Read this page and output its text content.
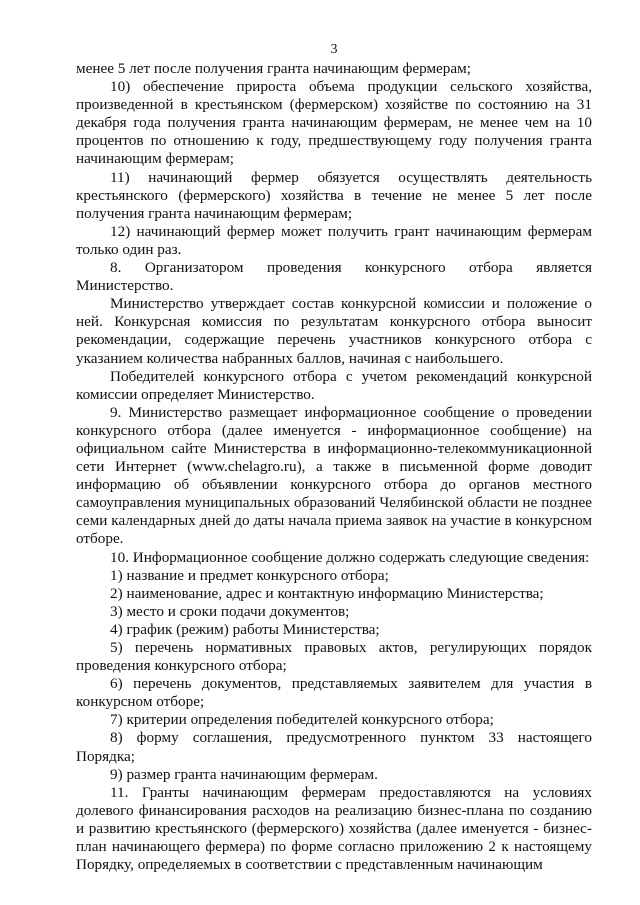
3

менее 5 лет после получения гранта начинающим фермерам;

10) обеспечение прироста объема продукции сельского хозяйства, произведенной в крестьянском (фермерском) хозяйстве по состоянию на 31 декабря года получения гранта начинающим фермерам, не менее чем на 10 процентов по отношению к году, предшествующему году получения гранта начинающим фермерам;

11) начинающий фермер обязуется осуществлять деятельность крестьянского (фермерского) хозяйства в течение не менее 5 лет после получения гранта начинающим фермерам;

12) начинающий фермер может получить грант начинающим фермерам только один раз.

8. Организатором проведения конкурсного отбора является Министерство.

Министерство утверждает состав конкурсной комиссии и положение о ней. Конкурсная комиссия по результатам конкурсного отбора выносит рекомендации, содержащие перечень участников конкурсного отбора с указанием количества набранных баллов, начиная с наибольшего.

Победителей конкурсного отбора с учетом рекомендаций конкурсной комиссии определяет Министерство.

9. Министерство размещает информационное сообщение о проведении конкурсного отбора (далее именуется - информационное сообщение) на официальном сайте Министерства в информационно-телекоммуникационной сети Интернет (www.chelagro.ru), а также в письменной форме доводит информацию об объявлении конкурсного отбора до органов местного самоуправления муниципальных образований Челябинской области не позднее семи календарных дней до даты начала приема заявок на участие в конкурсном отборе.

10. Информационное сообщение должно содержать следующие сведения:

1) название и предмет конкурсного отбора;

2) наименование, адрес и контактную информацию Министерства;

3) место и сроки подачи документов;

4) график (режим) работы Министерства;

5) перечень нормативных правовых актов, регулирующих порядок проведения конкурсного отбора;

6) перечень документов, представляемых заявителем для участия в конкурсном отборе;

7) критерии определения победителей конкурсного отбора;

8) форму соглашения, предусмотренного пунктом 33 настоящего Порядка;

9) размер гранта начинающим фермерам.

11. Гранты начинающим фермерам предоставляются на условиях долевого финансирования расходов на реализацию бизнес-плана по созданию и развитию крестьянского (фермерского) хозяйства (далее именуется - бизнес-план начинающего фермера) по форме согласно приложению 2 к настоящему Порядку, определяемых в соответствии с представленным начинающим
